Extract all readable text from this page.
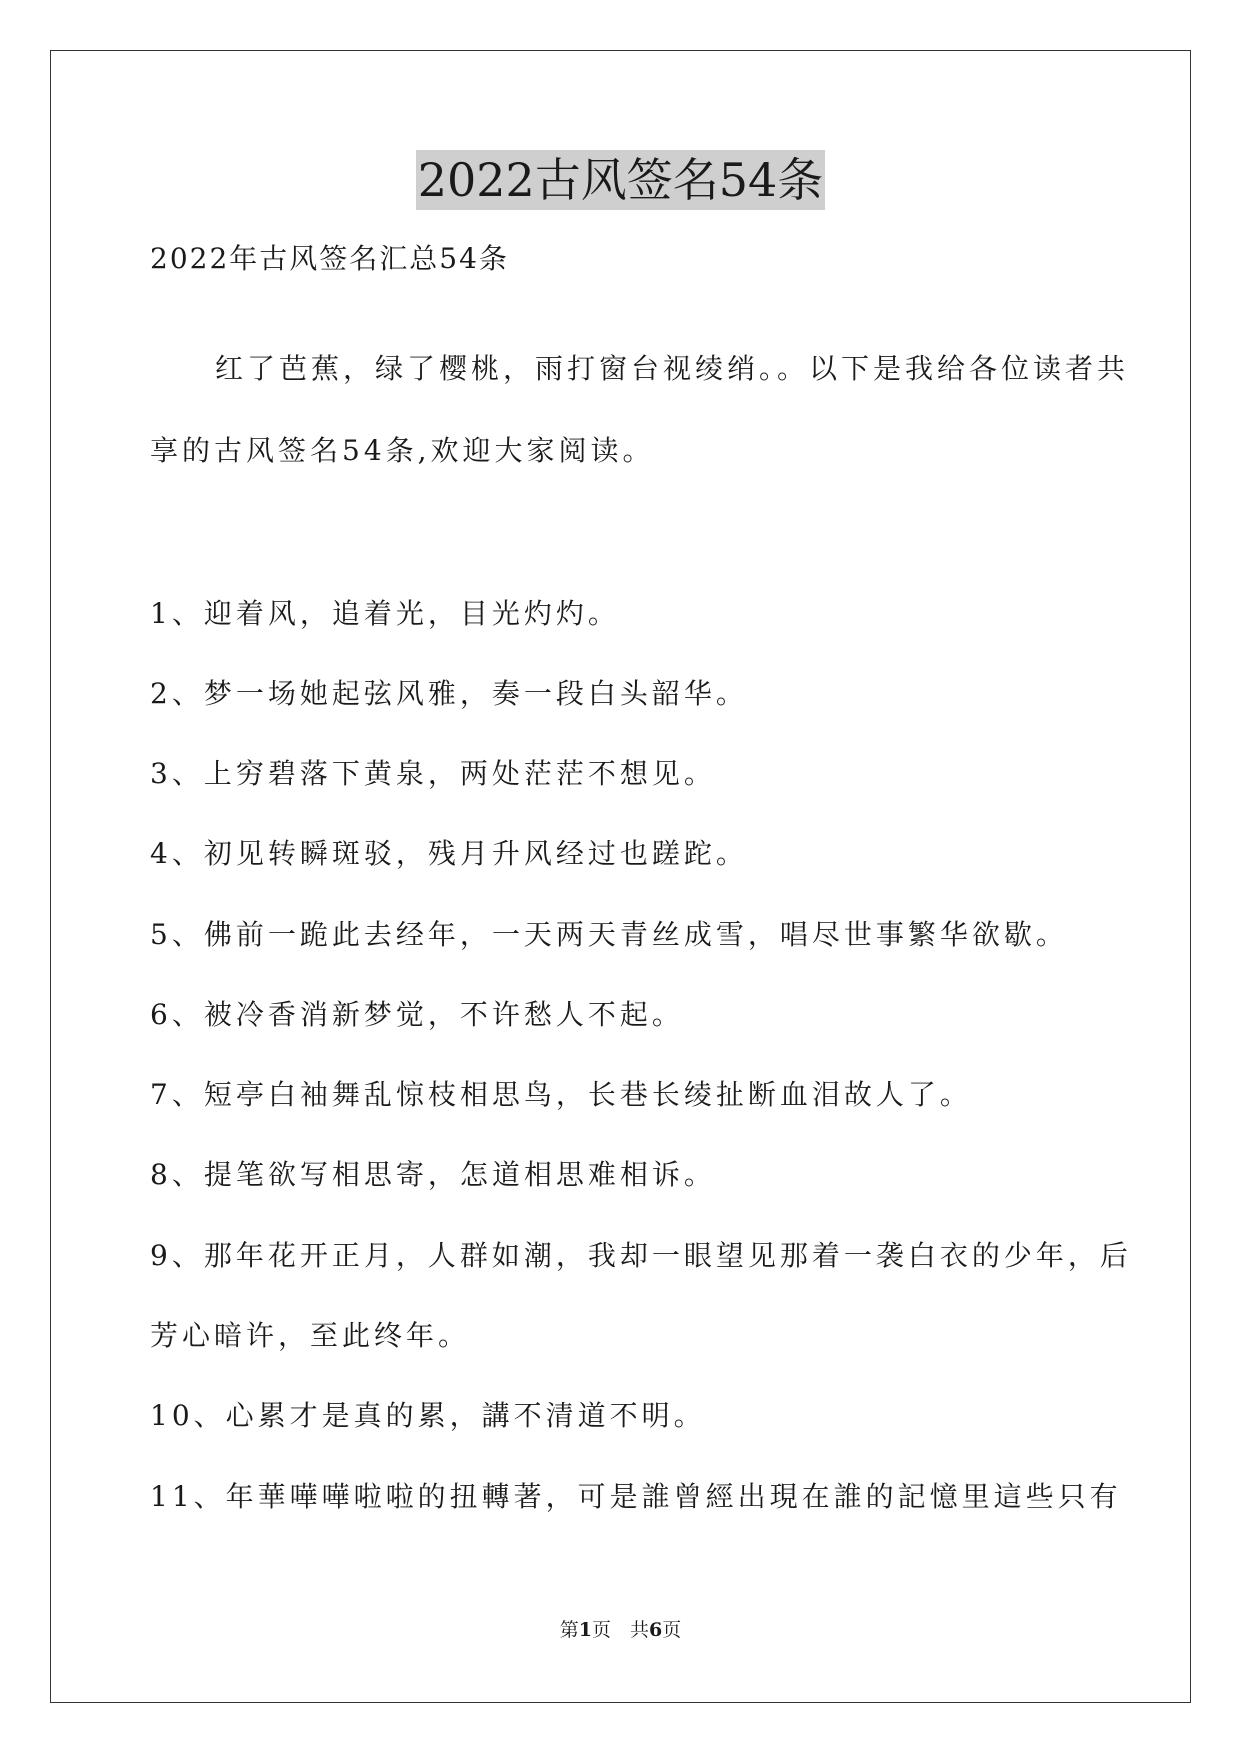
2022古风签名54条
2022年古风签名汇总54条
红了芭蕉，绿了樱桃，雨打窗台视绫绡。。以下是我给各位读者共
享的古风签名54条,欢迎大家阅读。
1、迎着风，追着光，目光灼灼。
2、梦一场她起弦风雅，奏一段白头韶华。
3、上穷碧落下黄泉，两处茫茫不想见。
4、初见转瞬斑驳，残月升风经过也蹉跎。
5、佛前一跪此去经年，一天两天青丝成雪，唱尽世事繁华欲歇。
6、被冷香消新梦觉，不许愁人不起。
7、短亭白袖舞乱惊枝相思鸟，长巷长绫扯断血泪故人了。
8、提笔欲写相思寄，怎道相思难相诉。
9、那年花开正月，人群如潮，我却一眼望见那着一袭白衣的少年，后
芳心暗许，至此终年。
10、心累才是真的累，講不清道不明。
11、年華嘩嘩啦啦的扭轉著，可是誰曾經出現在誰的記憶里這些只有
第1页　共6页
